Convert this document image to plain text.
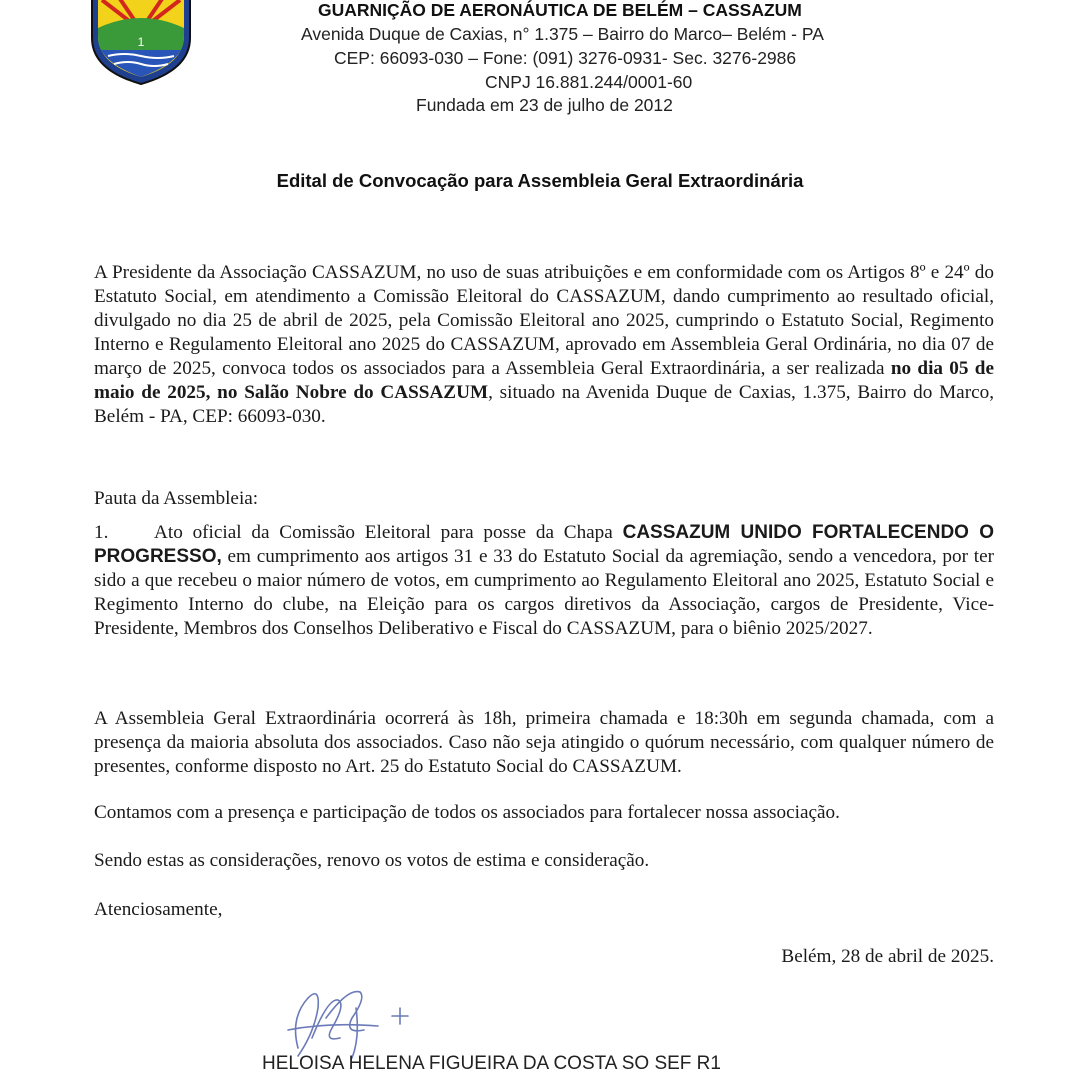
1
GUARNIÇÃO DE AERONÁUTICA DE BELÉM – CASSAZUM
Avenida Duque de Caxias, n° 1.375 – Bairro do Marco– Belém - PA
CEP: 66093-030 – Fone: (091) 3276-0931- Sec. 3276-2986
CNPJ 16.881.244/0001-60
Fundada em 23 de julho de 2012
Edital de Convocação para Assembleia Geral Extraordinária
A Presidente da Associação CASSAZUM, no uso de suas atribuições e em conformidade com os Artigos 8º e 24º do Estatuto Social, em atendimento a Comissão Eleitoral do CASSAZUM, dando cumprimento ao resultado oficial, divulgado no dia 25 de abril de 2025, pela Comissão Eleitoral ano 2025, cumprindo o Estatuto Social, Regimento Interno e Regulamento Eleitoral ano 2025 do CASSAZUM, aprovado em Assembleia Geral Ordinária, no dia 07 de março de 2025, convoca todos os associados para a Assembleia Geral Extraordinária, a ser realizada no dia 05 de maio de 2025, no Salão Nobre do CASSAZUM, situado na Avenida Duque de Caxias, 1.375, Bairro do Marco, Belém - PA, CEP: 66093-030.
Pauta da Assembleia:
1. Ato oficial da Comissão Eleitoral para posse da Chapa CASSAZUM UNIDO FORTALECENDO O PROGRESSO, em cumprimento aos artigos 31 e 33 do Estatuto Social da agremiação, sendo a vencedora, por ter sido a que recebeu o maior número de votos, em cumprimento ao Regulamento Eleitoral ano 2025, Estatuto Social e Regimento Interno do clube, na Eleição para os cargos diretivos da Associação, cargos de Presidente, Vice-Presidente, Membros dos Conselhos Deliberativo e Fiscal do CASSAZUM, para o biênio 2025/2027.
A Assembleia Geral Extraordinária ocorrerá às 18h, primeira chamada e 18:30h em segunda chamada, com a presença da maioria absoluta dos associados. Caso não seja atingido o quórum necessário, com qualquer número de presentes, conforme disposto no Art. 25 do Estatuto Social do CASSAZUM.
Contamos com a presença e participação de todos os associados para fortalecer nossa associação.
Sendo estas as considerações, renovo os votos de estima e consideração.
Atenciosamente,
Belém, 28 de abril de 2025.
HELOISA HELENA FIGUEIRA DA COSTA SO SEF R1
